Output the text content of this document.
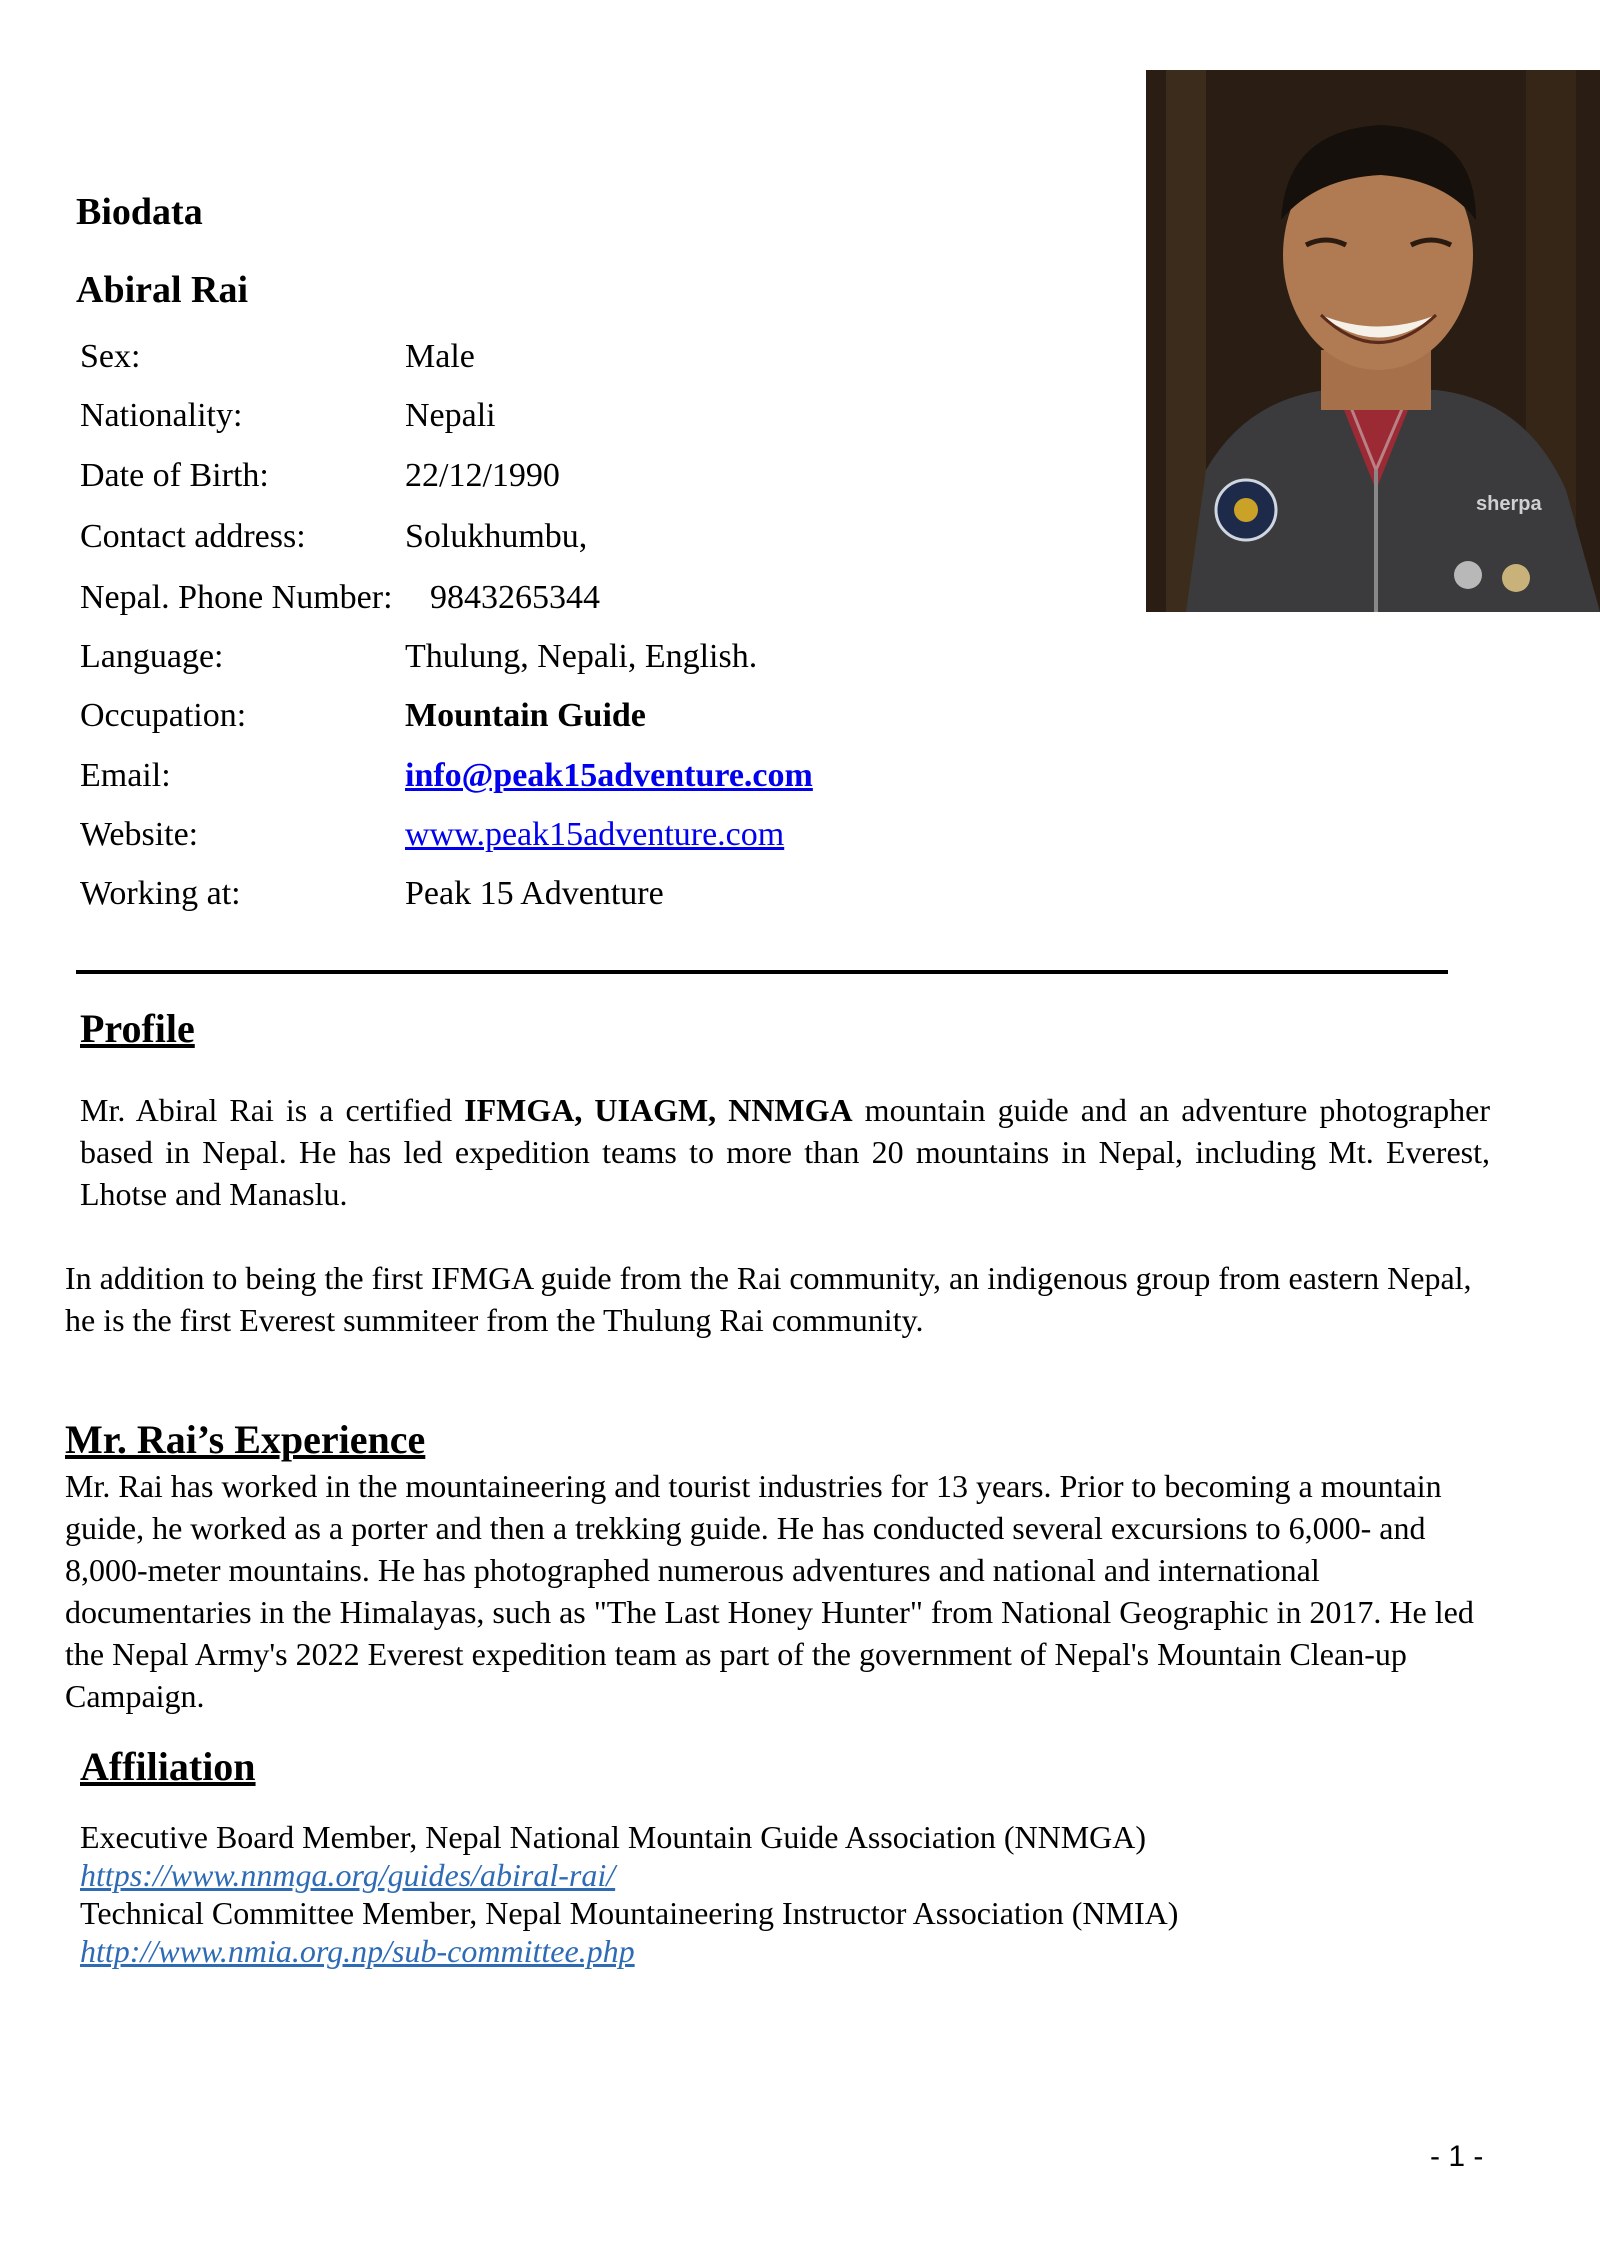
sherpa
Biodata
Abiral Rai
Sex:	Male
Nationality:	Nepali
Date of Birth:	22/12/1990
Contact address:	Solukhumbu,
Nepal. Phone Number: 9843265344
Language:	Thulung, Nepali, English.
Occupation:	Mountain Guide
Email:	info@peak15adventure.com
Website:	www.peak15adventure.com
Working at:	Peak 15 Adventure
Profile
Mr. Abiral Rai is a certified IFMGA, UIAGM, NNMGA mountain guide and an adventure photographer based in Nepal. He has led expedition teams to more than 20 mountains in Nepal, including Mt. Everest, Lhotse and Manaslu.
In addition to being the first IFMGA guide from the Rai community, an indigenous group from eastern Nepal, he is the first Everest summiteer from the Thulung Rai community.
Mr. Rai’s Experience
Mr. Rai has worked in the mountaineering and tourist industries for 13 years. Prior to becoming a mountain guide, he worked as a porter and then a trekking guide. He has conducted several excursions to 6,000- and 8,000-meter mountains. He has photographed numerous adventures and national and international documentaries in the Himalayas, such as "The Last Honey Hunter" from National Geographic in 2017. He led the Nepal Army's 2022 Everest expedition team as part of the government of Nepal's Mountain Clean-up Campaign.
Affiliation
Executive Board Member, Nepal National Mountain Guide Association (NNMGA)
https://www.nnmga.org/guides/abiral-rai/
Technical Committee Member, Nepal Mountaineering Instructor Association (NMIA)
http://www.nmia.org.np/sub-committee.php
- 1 -
